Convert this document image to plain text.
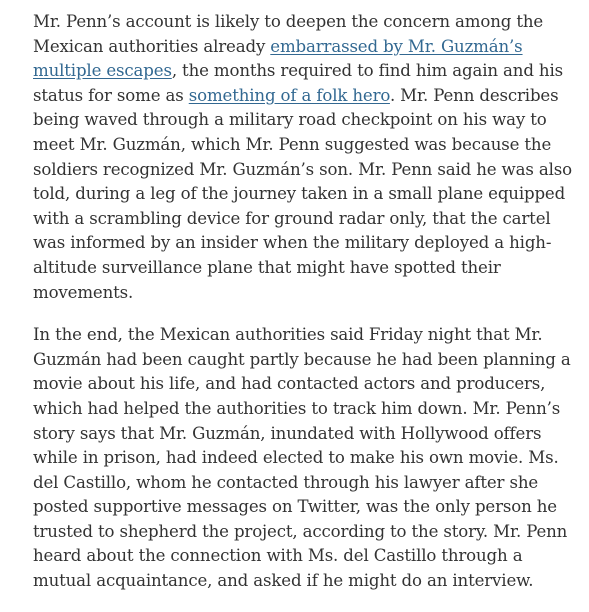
Mr. Penn’s account is likely to deepen the concern among the Mexican authorities already embarrassed by Mr. Guzmán’s multiple escapes, the months required to find him again and his status for some as something of a folk hero. Mr. Penn describes being waved through a military road checkpoint on his way to meet Mr. Guzmán, which Mr. Penn suggested was because the soldiers recognized Mr. Guzmán’s son. Mr. Penn said he was also told, during a leg of the journey taken in a small plane equipped with a scrambling device for ground radar only, that the cartel was informed by an insider when the military deployed a high-altitude surveillance plane that might have spotted their movements.

In the end, the Mexican authorities said Friday night that Mr. Guzmán had been caught partly because he had been planning a movie about his life, and had contacted actors and producers, which had helped the authorities to track him down. Mr. Penn’s story says that Mr. Guzmán, inundated with Hollywood offers while in prison, had indeed elected to make his own movie. Ms. del Castillo, whom he contacted through his lawyer after she posted supportive messages on Twitter, was the only person he trusted to shepherd the project, according to the story. Mr. Penn heard about the connection with Ms. del Castillo through a mutual acquaintance, and asked if he might do an interview.
